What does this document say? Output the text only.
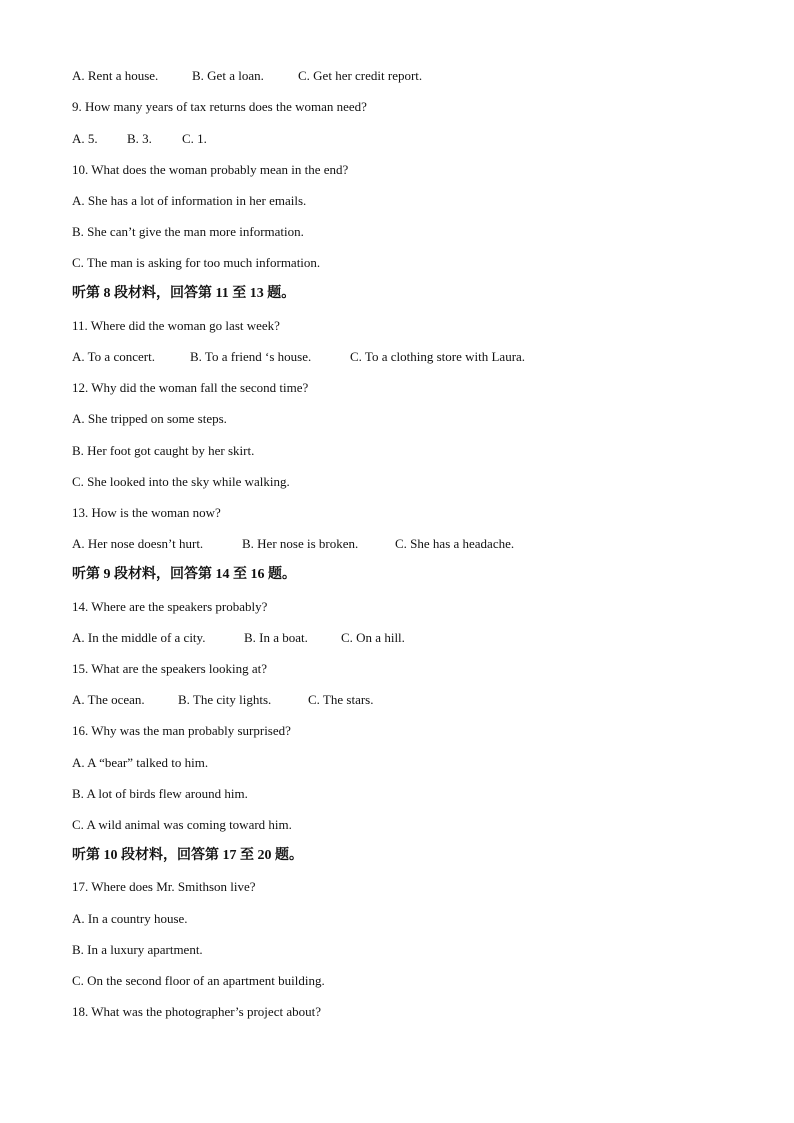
A. Rent a house.	B. Get a loan.	C. Get her credit report.
9. How many years of tax returns does the woman need?
A. 5. B. 3. C. 1.
10. What does the woman probably mean in the end?
A. She has a lot of information in her emails.
B. She can’t give the man more information.
C. The man is asking for too much information.
听第 8 段材料，回答第 11 至 13 题。
11. Where did the woman go last week?
A. To a concert.	B. To a friend ‘s house.	C. To a clothing store with Laura.
12. Why did the woman fall the second time?
A. She tripped on some steps.
B. Her foot got caught by her skirt.
C. She looked into the sky while walking.
13. How is the woman now?
A. Her nose doesn’t hurt.	B. Her nose is broken.	C. She has a headache.
听第 9 段材料，回答第 14 至 16 题。
14. Where are the speakers probably?
A. In the middle of a city.	B. In a boat.	C. On a hill.
15. What are the speakers looking at?
A. The ocean.	B. The city lights.	C. The stars.
16. Why was the man probably surprised?
A. A “bear” talked to him.
B. A lot of birds flew around him.
C. A wild animal was coming toward him.
听第 10 段材料，回答第 17 至 20 题。
17. Where does Mr. Smithson live?
A. In a country house.
B. In a luxury apartment.
C. On the second floor of an apartment building.
18. What was the photographer’s project about?
